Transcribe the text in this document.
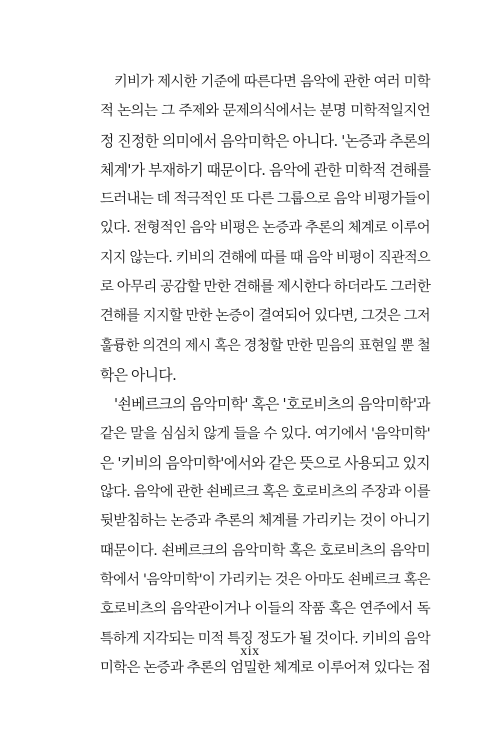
키비가 제시한 기준에 따른다면 음악에 관한 여러 미학
적 논의는 그 주제와 문제의식에서는 분명 미학적일지언
정 진정한 의미에서 음악미학은 아니다. '논증과 추론의
체계'가 부재하기 때문이다. 음악에 관한 미학적 견해를
드러내는 데 적극적인 또 다른 그룹으로 음악 비평가들이
있다. 전형적인 음악 비평은 논증과 추론의 체계로 이루어
지지 않는다. 키비의 견해에 따를 때 음악 비평이 직관적으
로 아무리 공감할 만한 견해를 제시한다 하더라도 그러한
견해를 지지할 만한 논증이 결여되어 있다면, 그것은 그저
훌륭한 의견의 제시 혹은 경청할 만한 믿음의 표현일 뿐 철
학은 아니다.
'쇤베르크의 음악미학' 혹은 '호로비츠의 음악미학'과
같은 말을 심심치 않게 들을 수 있다. 여기에서 '음악미학'
은 '키비의 음악미학'에서와 같은 뜻으로 사용되고 있지
않다. 음악에 관한 쇤베르크 혹은 호로비츠의 주장과 이를
뒷받침하는 논증과 추론의 체계를 가리키는 것이 아니기
때문이다. 쇤베르크의 음악미학 혹은 호로비츠의 음악미
학에서 '음악미학'이 가리키는 것은 아마도 쇤베르크 혹은
호로비츠의 음악관이거나 이들의 작품 혹은 연주에서 독
특하게 지각되는 미적 특징 정도가 될 것이다. 키비의 음악
미학은 논증과 추론의 엄밀한 체계로 이루어져 있다는 점
xix
